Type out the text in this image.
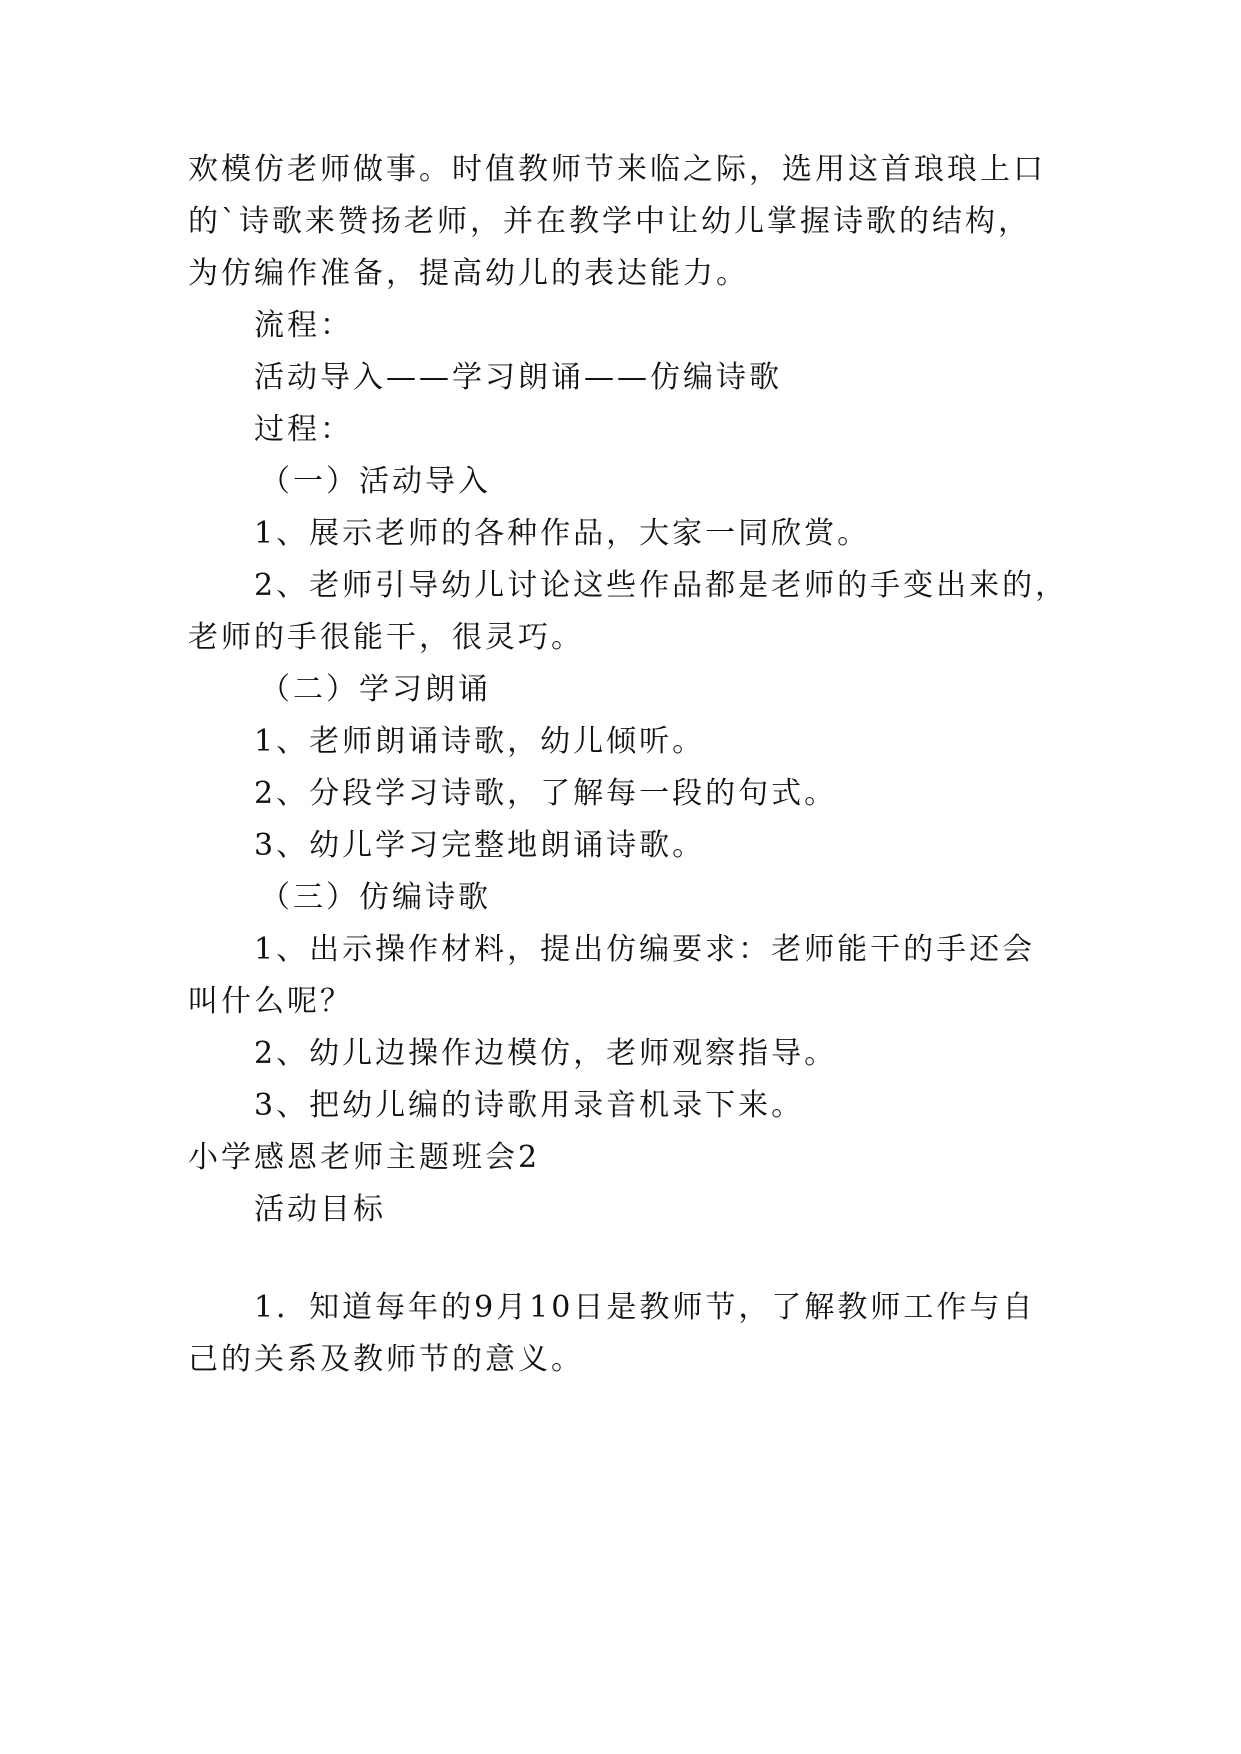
欢模仿老师做事。时值教师节来临之际，选用这首琅琅上口
的`诗歌来赞扬老师，并在教学中让幼儿掌握诗歌的结构，
为仿编作准备，提高幼儿的表达能力。
流程：
活动导入——学习朗诵——仿编诗歌
过程：
（一）活动导入
1、展示老师的各种作品，大家一同欣赏。
2、老师引导幼儿讨论这些作品都是老师的手变出来的，
老师的手很能干，很灵巧。
（二）学习朗诵
1、老师朗诵诗歌，幼儿倾听。
2、分段学习诗歌，了解每一段的句式。
3、幼儿学习完整地朗诵诗歌。
（三）仿编诗歌
1、出示操作材料，提出仿编要求：老师能干的手还会
叫什么呢？
2、幼儿边操作边模仿，老师观察指导。
3、把幼儿编的诗歌用录音机录下来。
小学感恩老师主题班会2
活动目标
1．知道每年的9月10日是教师节，了解教师工作与自
己的关系及教师节的意义。
